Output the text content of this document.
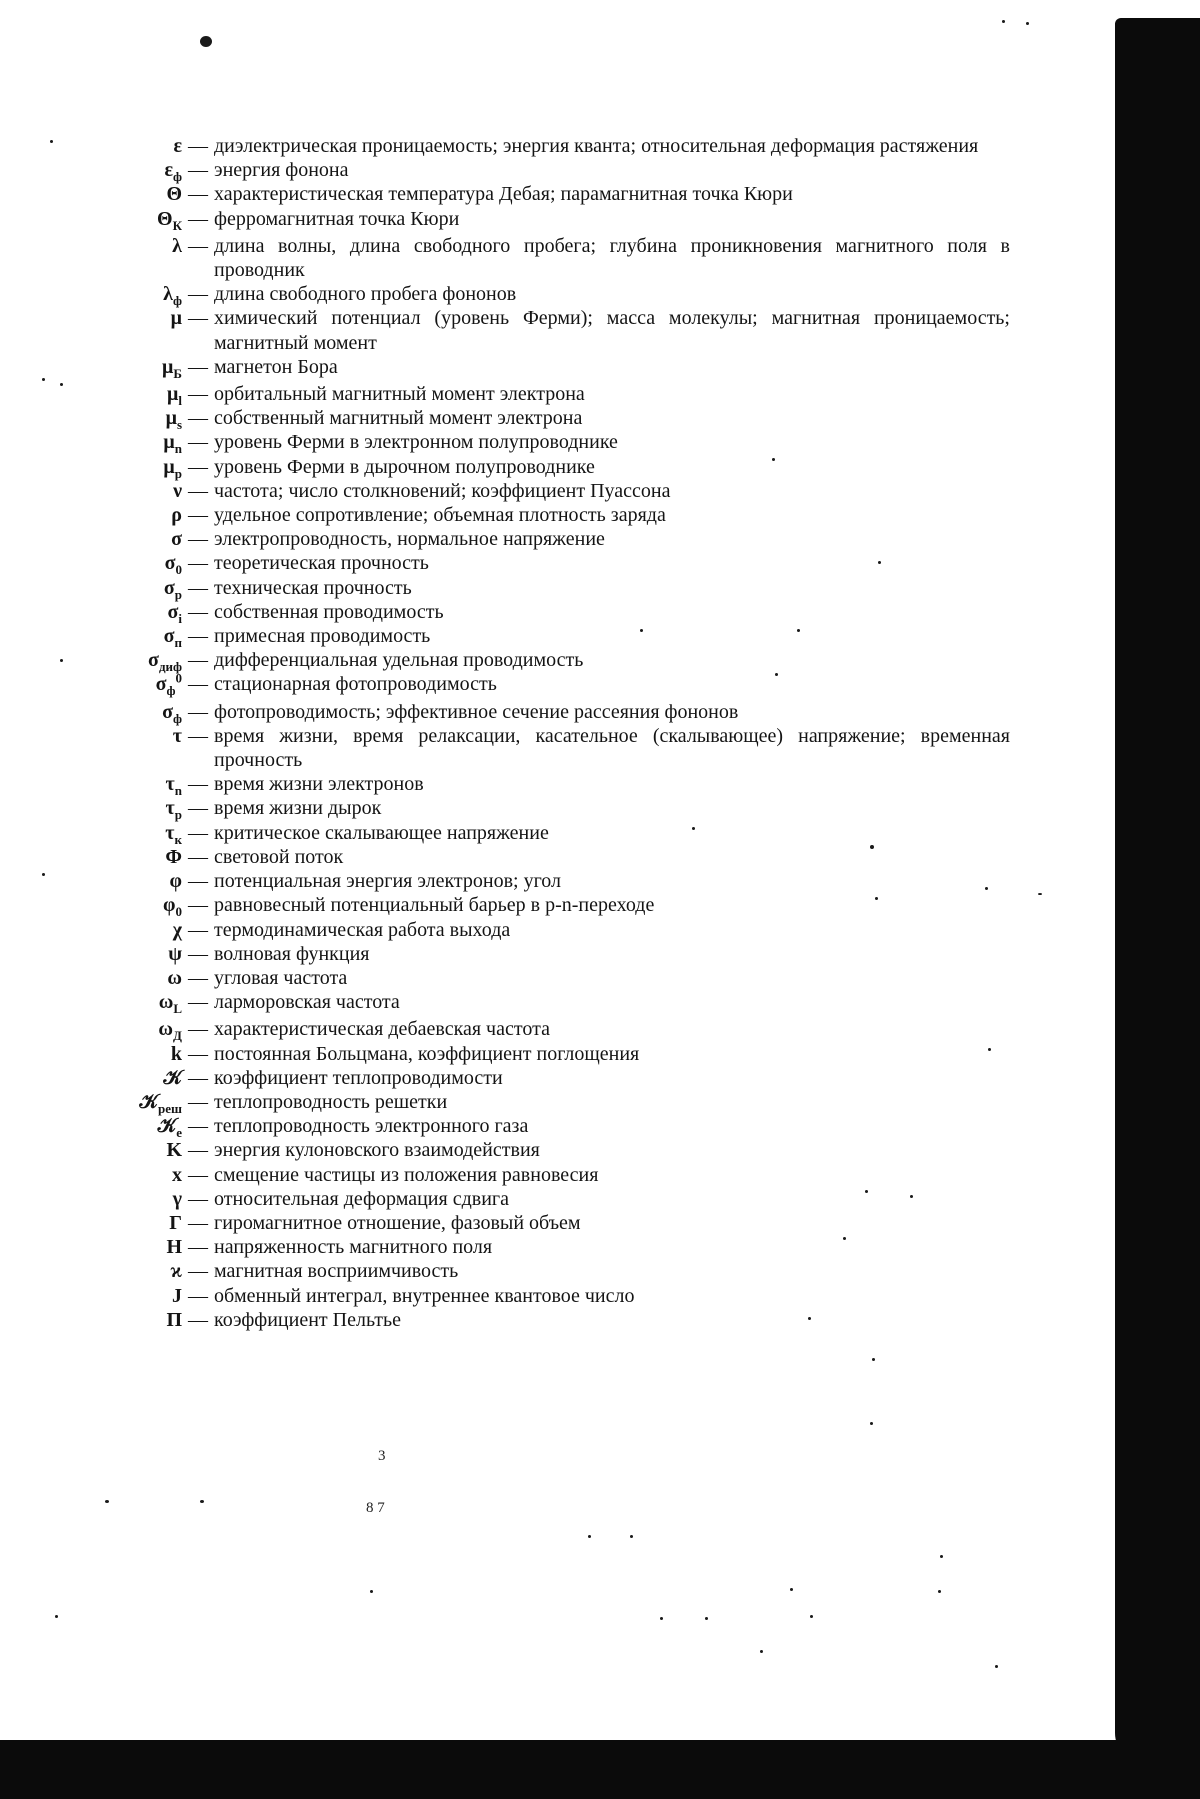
3
8 7
ε — диэлектрическая проницаемость; энергия кванта; относительная деформация растяжения
$\varepsilon_ф$ — энергия фонона
Θ — характеристическая температура Дебая; парамагнитная точка Кюри
$\Theta_К$ — ферромагнитная точка Кюри
λ — длина волны, длина свободного пробега; глубина проникновения магнитного поля в проводник
$\lambda_ф$ — длина свободного пробега фононов
μ — химический потенциал (уровень Ферми); масса молекулы; магнитная проницаемость; магнитный момент
$\mu_Б$ — магнетон Бора
$\mu_l$ — орбитальный магнитный момент электрона
$\mu_s$ — собственный магнитный момент электрона
$\mu_n$ — уровень Ферми в электронном полупроводнике
$\mu_p$ — уровень Ферми в дырочном полупроводнике
ν — частота; число столкновений; коэффициент Пуассона
ρ — удельное сопротивление; объемная плотность заряда
σ — электропроводность, нормальное напряжение
$\sigma_0$ — теоретическая прочность
$\sigma_р$ — техническая прочность
$\sigma_i$ — собственная проводимость
$\sigma_п$ — примесная проводимость
$\sigma_{диф}$ — дифференциальная удельная проводимость
$\sigma_ф^0$ — стационарная фотопроводимость
$\sigma_ф$ — фотопроводимость; эффективное сечение рассеяния фононов
τ — время жизни, время релаксации, касательное (скалывающее) напряжение; временная прочность
$\tau_n$ — время жизни электронов
$\tau_p$ — время жизни дырок
$\tau_к$ — критическое скалывающее напряжение
Φ — световой поток
φ — потенциальная энергия электронов; угол
$\varphi_0$ — равновесный потенциальный барьер в p-n-переходе
χ — термодинамическая работа выхода
ψ — волновая функция
ω — угловая частота
$\omega_L$ — ларморовская частота
$\omega_Д$ — характеристическая дебаевская частота
k — постоянная Больцмана, коэффициент поглощения
𝒦 — коэффициент теплопроводимости
𝒦$_{реш}$ — теплопроводность решетки
𝒦$_e$ — теплопроводность электронного газа
K — энергия кулоновского взаимодействия
x — смещение частицы из положения равновесия
γ — относительная деформация сдвига
Γ — гиромагнитное отношение, фазовый объем
H — напряженность магнитного поля
ϰ — магнитная восприимчивость
J — обменный интеграл, внутреннее квантовое число
П — коэффициент Пельтье
